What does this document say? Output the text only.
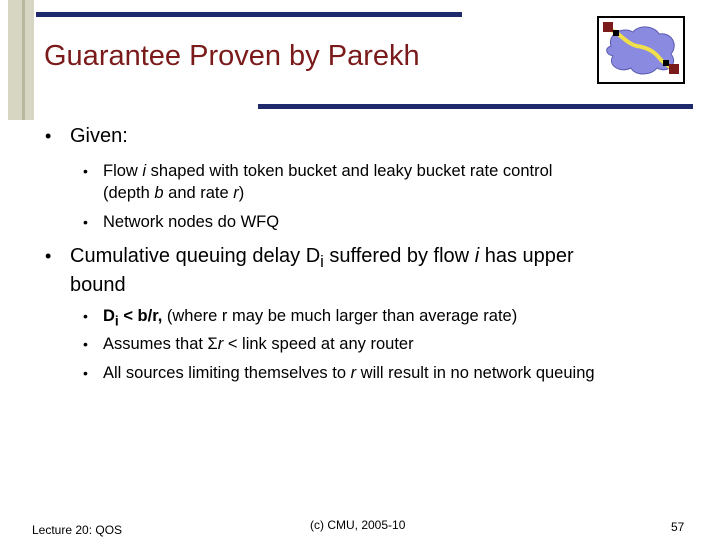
Guarantee Proven by Parekh
• Given:
• Flow i shaped with token bucket and leaky bucket rate control
(depth b and rate r)
• Network nodes do WFQ
• Cumulative queuing delay $D_i$ suffered by flow i has upper
bound
• $D_i < b/r$, (where r may be much larger than average rate)
• Assumes that Σr < link speed at any router
• All sources limiting themselves to r will result in no network queuing
Lecture 20: QOS	(c) CMU, 2005-10	57
